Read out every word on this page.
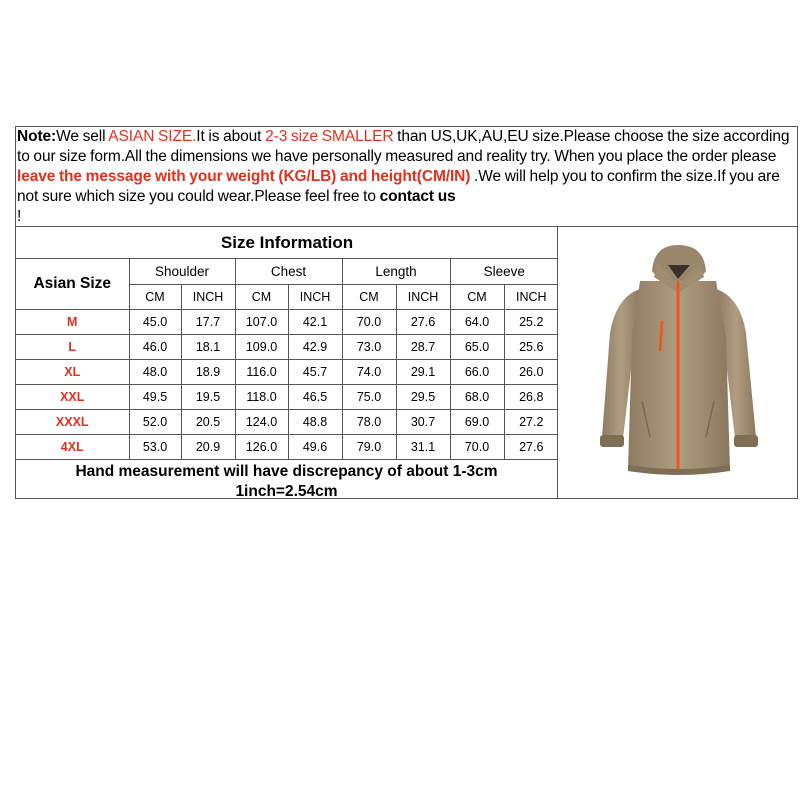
Note:We sell ASIAN SIZE.It is about 2-3 size SMALLER than US,UK,AU,EU size.Please choose the size according to our size form.All the dimensions we have personally measured and reality try. When you place the order please leave the message with your weight (KG/LB) and height(CM/IN) .We will help you to confirm the size.If you are not sure which size you could wear.Please feel free to contact us
!
Size Information								
Asian Size	Shoulder		Chest		Length		Sleeve	
	CM	INCH	CM	INCH	CM	INCH	CM	INCH
M	45.0	17.7	107.0	42.1	70.0	27.6	64.0	25.2
L	46.0	18.1	109.0	42.9	73.0	28.7	65.0	25.6
XL	48.0	18.9	116.0	45.7	74.0	29.1	66.0	26.0
XXL	49.5	19.5	118.0	46.5	75.0	29.5	68.0	26.8
XXXL	52.0	20.5	124.0	48.8	78.0	30.7	69.0	27.2
4XL	53.0	20.9	126.0	49.6	79.0	31.1	70.0	27.6
Hand measurement will have discrepancy of about 1-3cm
1inch=2.54cm
